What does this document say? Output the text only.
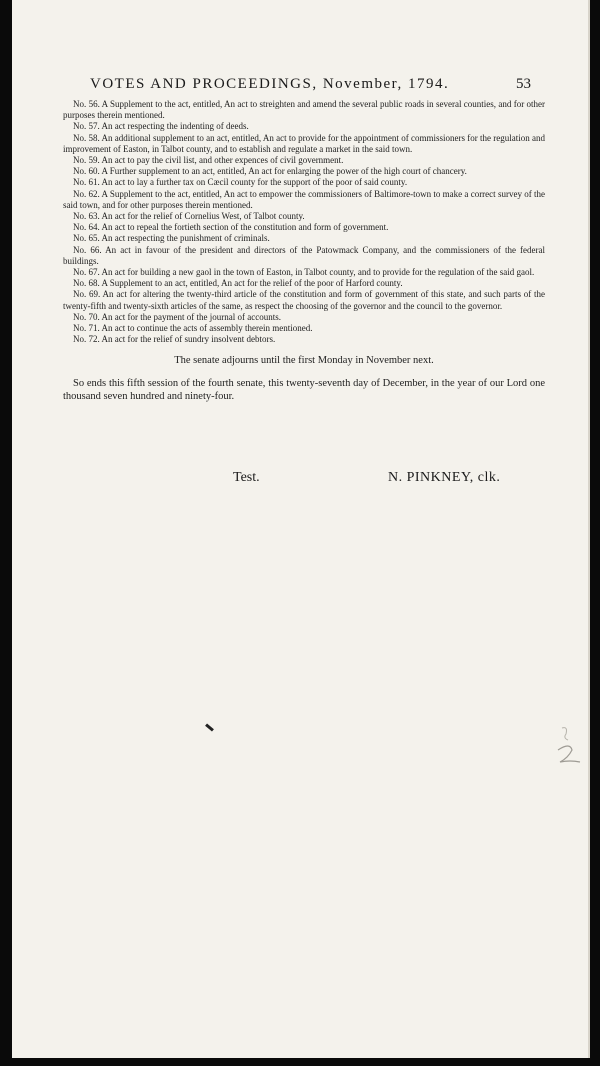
VOTES AND PROCEEDINGS, November, 1794.	53

No. 56. A Supplement to the act, entitled, An act to streighten and amend the several public roads in several counties, and for other purposes therein mentioned.

No. 57. An act respecting the indenting of deeds.

No. 58. An additional supplement to an act, entitled, An act to provide for the appointment of commissioners for the regulation and improvement of Easton, in Talbot county, and to establish and regulate a market in the said town.

No. 59. An act to pay the civil list, and other expences of civil government.

No. 60. A Further supplement to an act, entitled, An act for enlarging the power of the high court of chancery.

No. 61. An act to lay a further tax on Cæcil county for the support of the poor of said county.

No. 62. A Supplement to the act, entitled, An act to empower the commissioners of Baltimore-town to make a correct survey of the said town, and for other purposes therein mentioned.

No. 63. An act for the relief of Cornelius West, of Talbot county.

No. 64. An act to repeal the fortieth section of the constitution and form of government.

No. 65. An act respecting the punishment of criminals.

No. 66. An act in favour of the president and directors of the Patowmack Company, and the commissioners of the federal buildings.

No. 67. An act for building a new gaol in the town of Easton, in Talbot county, and to provide for the regulation of the said gaol.

No. 68. A Supplement to an act, entitled, An act for the relief of the poor of Harford county.

No. 69. An act for altering the twenty-third article of the constitution and form of government of this state, and such parts of the twenty-fifth and twenty-sixth articles of the same, as respect the choosing of the governor and the council to the governor.

No. 70. An act for the payment of the journal of accounts.

No. 71. An act to continue the acts of assembly therein mentioned.

No. 72. An act for the relief of sundry insolvent debtors.

The senate adjourns until the first Monday in November next.

So ends this fifth session of the fourth senate, this twenty-seventh day of December, in the year of our Lord one thousand seven hundred and ninety-four.

Test.	N. PINKNEY, clk.
